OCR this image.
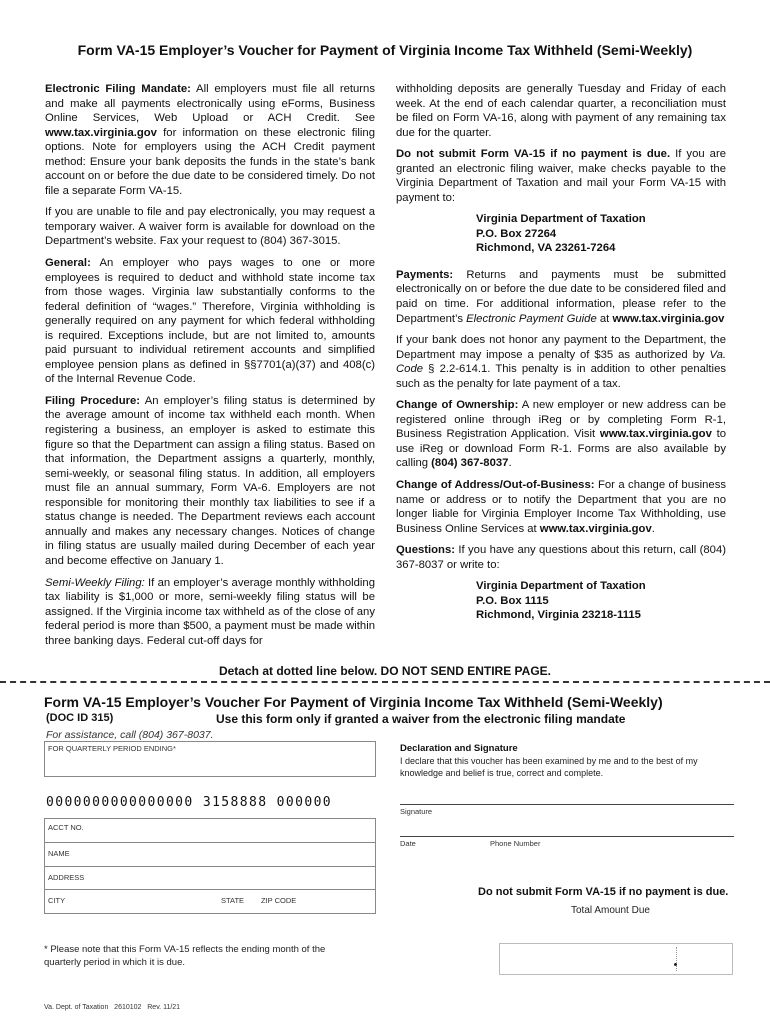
Form VA-15 Employer’s Voucher for Payment of Virginia Income Tax Withheld (Semi-Weekly)

Electronic Filing Mandate: All employers must file all returns and make all payments electronically using eForms, Business Online Services, Web Upload or ACH Credit. See www.tax.virginia.gov for information on these electronic filing options. Note for employers using the ACH Credit payment method: Ensure your bank deposits the funds in the state’s bank account on or before the due date to be considered timely. Do not file a separate Form VA-15.

If you are unable to file and pay electronically, you may request a temporary waiver. A waiver form is available for download on the Department’s website. Fax your request to (804) 367-3015.

General: An employer who pays wages to one or more employees is required to deduct and withhold state income tax from those wages. Virginia law substantially conforms to the federal definition of “wages.” Therefore, Virginia withholding is generally required on any payment for which federal withholding is required. Exceptions include, but are not limited to, amounts paid pursuant to individual retirement accounts and simplified employee pension plans as defined in §§7701(a)(37) and 408(c) of the Internal Revenue Code.

Filing Procedure: An employer’s filing status is determined by the average amount of income tax withheld each month. When registering a business, an employer is asked to estimate this figure so that the Department can assign a filing status. Based on that information, the Department assigns a quarterly, monthly, semi-weekly, or seasonal filing status. In addition, all employers must file an annual summary, Form VA-6. Employers are not responsible for monitoring their monthly tax liabilities to see if a status change is needed. The Department reviews each account annually and makes any necessary changes. Notices of change in filing status are usually mailed during December of each year and become effective on January 1.

Semi-Weekly Filing: If an employer’s average monthly withholding tax liability is $1,000 or more, semi-weekly filing status will be assigned. If the Virginia income tax withheld as of the close of any federal period is more than $500, a payment must be made within three banking days. Federal cut-off days for

withholding deposits are generally Tuesday and Friday of each week. At the end of each calendar quarter, a reconciliation must be filed on Form VA-16, along with payment of any remaining tax due for the quarter.

Do not submit Form VA-15 if no payment is due. If you are granted an electronic filing waiver, make checks payable to the Virginia Department of Taxation and mail your Form VA-15 with payment to:

Virginia Department of Taxation
P.O. Box 27264
Richmond, VA 23261-7264

Payments: Returns and payments must be submitted electronically on or before the due date to be considered filed and paid on time. For additional information, please refer to the Department’s Electronic Payment Guide at www.tax.virginia.gov

If your bank does not honor any payment to the Department, the Department may impose a penalty of $35 as authorized by Va. Code § 2.2-614.1. This penalty is in addition to other penalties such as the penalty for late payment of a tax.

Change of Ownership: A new employer or new address can be registered online through iReg or by completing Form R-1, Business Registration Application. Visit www.tax.virginia.gov to use iReg or download Form R-1. Forms are also available by calling (804) 367-8037.

Change of Address/Out-of-Business: For a change of business name or address or to notify the Department that you are no longer liable for Virginia Employer Income Tax Withholding, use Business Online Services at www.tax.virginia.gov.

Questions: If you have any questions about this return, call (804) 367-8037 or write to:

Virginia Department of Taxation
P.O. Box 1115
Richmond, Virginia 23218-1115
Detach at dotted line below. DO NOT SEND ENTIRE PAGE.
Form VA-15 Employer’s Voucher For Payment of Virginia Income Tax Withheld (Semi-Weekly)
(DOC ID 315)	Use this form only if granted a waiver from the electronic filing mandate
For assistance, call (804) 367-8037.
FOR QUARTERLY PERIOD ENDING*
0000000000000000 3158888 000000
ACCT NO.
NAME
ADDRESS
CITY	STATE ZIP CODE
Declaration and Signature
I declare that this voucher has been examined by me and to the best of my knowledge and belief is true, correct and complete.
Signature
Date	Phone Number
Do not submit Form VA-15 if no payment is due.
Total Amount Due
* Please note that this Form VA-15 reflects the ending month of the quarterly period in which it is due.
Va. Dept. of Taxation   2610102   Rev. 11/21
